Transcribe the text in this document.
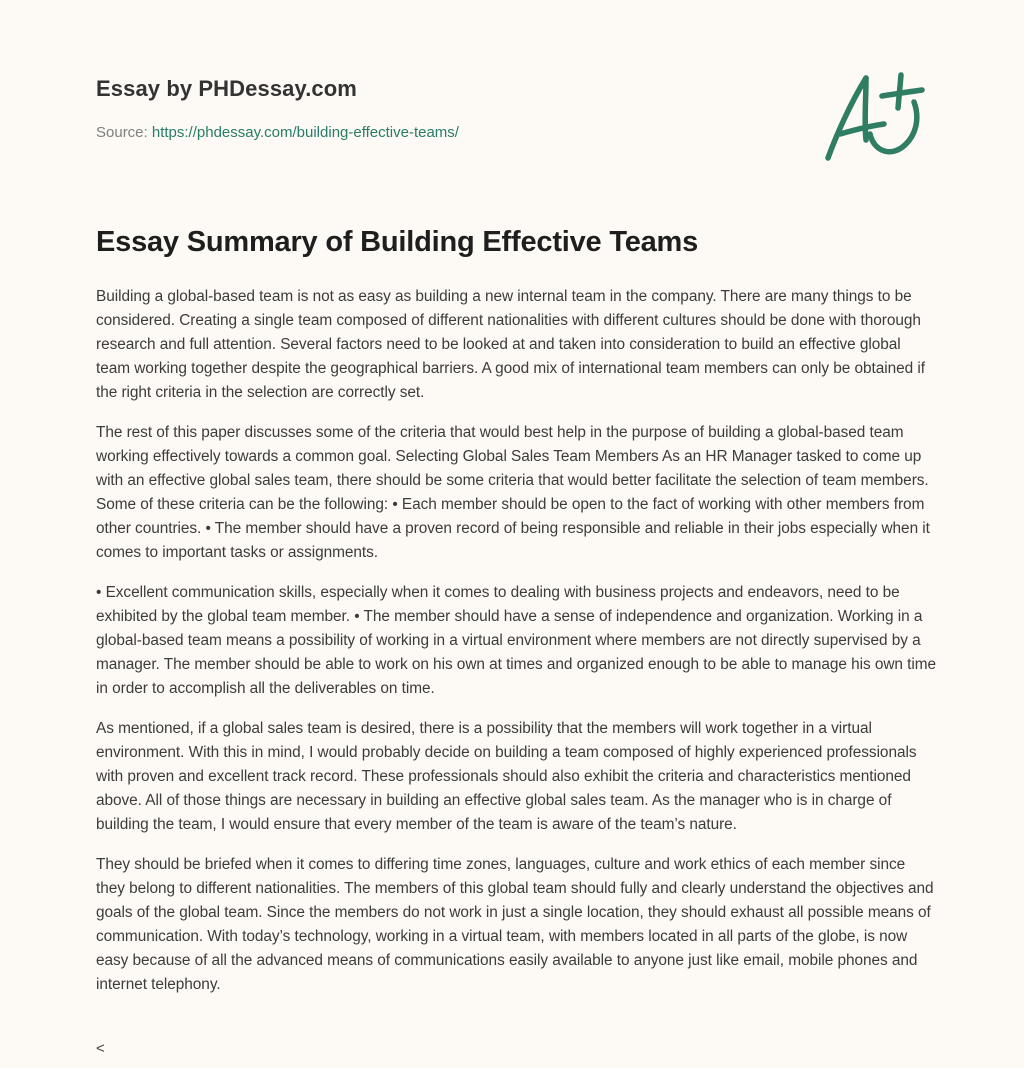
Essay by PHDessay.com
Source: https://phdessay.com/building-effective-teams/
Essay Summary of Building Effective Teams

Building a global-based team is not as easy as building a new internal team in the company. There are many things to be considered. Creating a single team composed of different nationalities with different cultures should be done with thorough research and full attention. Several factors need to be looked at and taken into consideration to build an effective global team working together despite the geographical barriers. A good mix of international team members can only be obtained if the right criteria in the selection are correctly set.

The rest of this paper discusses some of the criteria that would best help in the purpose of building a global-based team working effectively towards a common goal. Selecting Global Sales Team Members As an HR Manager tasked to come up with an effective global sales team, there should be some criteria that would better facilitate the selection of team members. Some of these criteria can be the following: • Each member should be open to the fact of working with other members from other countries. • The member should have a proven record of being responsible and reliable in their jobs especially when it comes to important tasks or assignments.

• Excellent communication skills, especially when it comes to dealing with business projects and endeavors, need to be exhibited by the global team member. • The member should have a sense of independence and organization. Working in a global-based team means a possibility of working in a virtual environment where members are not directly supervised by a manager. The member should be able to work on his own at times and organized enough to be able to manage his own time in order to accomplish all the deliverables on time.

As mentioned, if a global sales team is desired, there is a possibility that the members will work together in a virtual environment. With this in mind, I would probably decide on building a team composed of highly experienced professionals with proven and excellent track record. These professionals should also exhibit the criteria and characteristics mentioned above. All of those things are necessary in building an effective global sales team. As the manager who is in charge of building the team, I would ensure that every member of the team is aware of the team’s nature.

They should be briefed when it comes to differing time zones, languages, culture and work ethics of each member since they belong to different nationalities. The members of this global team should fully and clearly understand the objectives and goals of the global team. Since the members do not work in just a single location, they should exhaust all possible means of communication. With today’s technology, working in a virtual team, with members located in all parts of the globe, is now easy because of all the advanced means of communications easily available to anyone just like email, mobile phones and internet telephony.

<
